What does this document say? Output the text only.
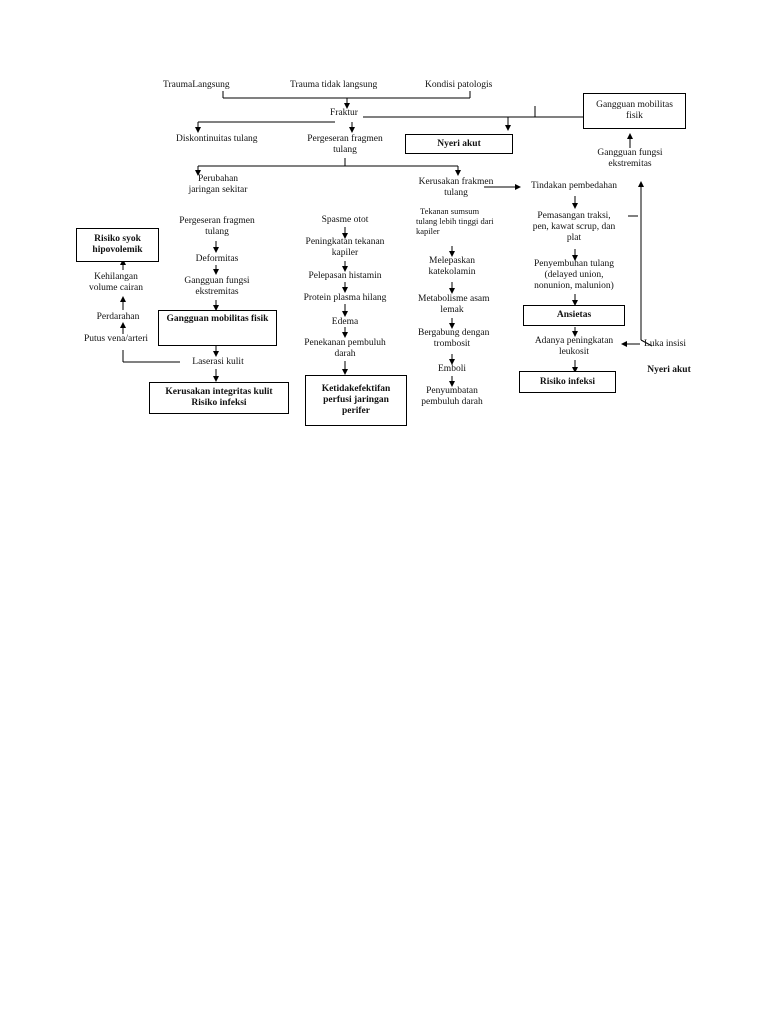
TraumaLangsung	Trauma tidak langsung	Kondisi patologis
Fraktur
Diskontinuitas tulang	Pergeseran fragmen
tulang
Gangguan mobilitas
fisik
Gangguan fungsi
ekstremitas
Nyeri akut
Perubahan
jaringan sekitar
Pergeseran fragmen
tulang
Deformitas
Gangguan fungsi
ekstremitas
Gangguan mobilitas fisik
Laserasi kulit
Kerusakan integritas kulit
Risiko infeksi
Risiko syok
hipovolemik
Kehilangan
volume cairan
Perdarahan
Putus vena/arteri
Spasme otot
Peningkatan tekanan
kapiler
Pelepasan histamin
Protein plasma hilang
Edema
Penekanan pembuluh
darah
Ketidakefektifan
perfusi jaringan
perifer
Kerusakan frakmen
tulang
Tekanan sumsum
tulang lebih tinggi dari
kapiler
Melepaskan
katekolamin
Metabolisme asam
lemak
Bergabung dengan
trombosit
Emboli
Penyumbatan
pembuluh darah
Tindakan pembedahan
Pemasangan traksi,
pen, kawat scrup, dan
plat
Penyembuhan tulang
(delayed union,
nonunion, malunion)
Ansietas
Adanya peningkatan
leukosit
Luka insisi
Risiko infeksi
Nyeri akut
